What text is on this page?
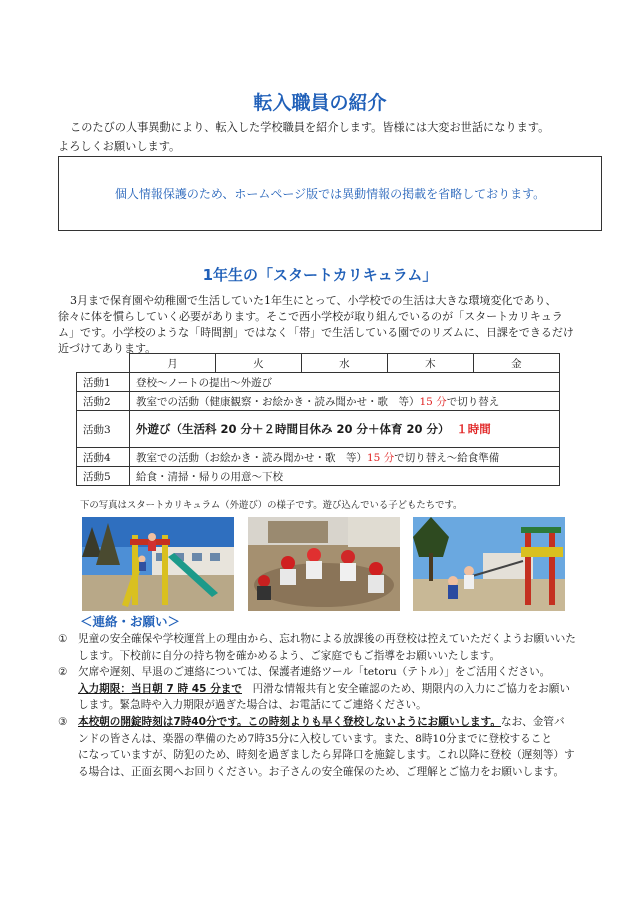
転入職員の紹介
このたびの人事異動により、転入した学校職員を紹介します。皆様には大変お世話になります。
よろしくお願いします。
個人情報保護のため、ホームページ版では異動情報の掲載を省略しております。
1年生の「スタートカリキュラム」
3月まで保育園や幼稚園で生活していた1年生にとって、小学校での生活は大きな環境変化であり、
徐々に体を慣らしていく必要があります。そこで西小学校が取り組んでいるのが「スタートカリキュラ
ム」です。小学校のような「時間割」ではなく「帯」で生活している園でのリズムに、日課をできるだけ
近づけてあります。
	月	火	水	木	金
活動1	登校～ノートの提出～外遊び				
活動2	教室での活動（健康観察・お絵かき・読み聞かせ・歌　等）15 分で切り替え				
活動3	外遊び（生活科 20 分＋２時間目休み 20 分＋体育 20 分） １時間				
活動4	教室での活動（お絵かき・読み聞かせ・歌　等）15 分で切り替え～給食準備				
活動5	給食・清掃・帰りの用意～下校				
下の写真はスタートカリキュラム（外遊び）の様子です。遊び込んでいる子どもたちです。
＜連絡・お願い＞
① 児童の安全確保や学校運営上の理由から、忘れ物による放課後の再登校は控えていただくようお願いいた
します。下校前に自分の持ち物を確かめるよう、ご家庭でもご指導をお願いいたします。
② 欠席や遅刻、早退のご連絡については、保護者連絡ツール「tetoru（テトル）」をご活用ください。
入力期限：当日朝 7 時 45 分まで　円滑な情報共有と安全確認のため、期限内の入力にご協力をお願い
します。緊急時や入力期限が過ぎた場合は、お電話にてご連絡ください。
③ 本校朝の開錠時刻は7時40分です。この時刻よりも早く登校しないようにお願いします。なお、金管バ
ンドの皆さんは、楽器の準備のため7時35分に入校しています。また、8時10分までに登校すること
になっていますが、防犯のため、時刻を過ぎましたら昇降口を施錠します。これ以降に登校（遅刻等）す
る場合は、正面玄関へお回りください。お子さんの安全確保のため、ご理解とご協力をお願いします。
